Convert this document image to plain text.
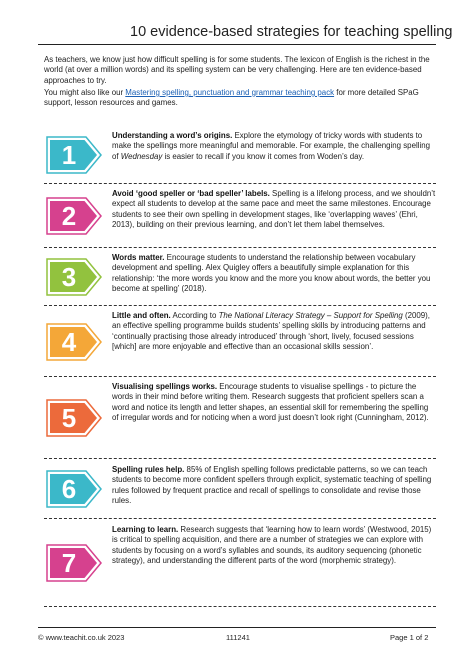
10 evidence-based strategies for teaching spelling

As teachers, we know just how difficult spelling is for some students. The lexicon of English is the richest in the world (at over a million words) and its spelling system can be very challenging. Here are ten evidence-based approaches to try.

You might also like our Mastering spelling, punctuation and grammar teaching pack for more detailed SPaG support, lesson resources and games.

1
Understanding a word’s origins. Explore the etymology of tricky words with students to make the spellings more meaningful and memorable. For example, the challenging spelling of Wednesday is easier to recall if you know it comes from Woden’s day.
2
Avoid ‘good speller or ‘bad speller’ labels. Spelling is a lifelong process, and we shouldn’t expect all students to develop at the same pace and meet the same milestones. Encourage students to see their own spelling in development stages, like ‘overlapping waves’ (Ehri, 2013), building on their previous learning, and don’t let them label themselves.
3
Words matter. Encourage students to understand the relationship between vocabulary development and spelling. Alex Quigley offers a beautifully simple explanation for this relationship: ‘the more words you know and the more you know about words, the better you become at spelling’ (2018).
4
Little and often. According to The National Literacy Strategy – Support for Spelling (2009), an effective spelling programme builds students’ spelling skills by introducing patterns and ‘continually practising those already introduced’ through ‘short, lively, focused sessions [which] are more enjoyable and effective than an occasional skills session’.
5
Visualising spellings works. Encourage students to visualise spellings - to picture the words in their mind before writing them. Research suggests that proficient spellers scan a word and notice its length and letter shapes, an essential skill for remembering the spelling of irregular words and for noticing when a word just doesn’t look right (Cunningham, 2012).
6
Spelling rules help. 85% of English spelling follows predictable patterns, so we can teach students to become more confident spellers through explicit, systematic teaching of spelling rules followed by frequent practice and recall of spellings to consolidate and revise those rules.
7
Learning to learn. Research suggests that ‘learning how to learn words’ (Westwood, 2015) is critical to spelling acquisition, and there are a number of strategies we can explore with students by focusing on a word’s syllables and sounds, its auditory sequencing (phonetic strategy), and understanding the different parts of the word (morphemic strategy).
© www.teachit.co.uk 2023	111241	Page 1 of 2
